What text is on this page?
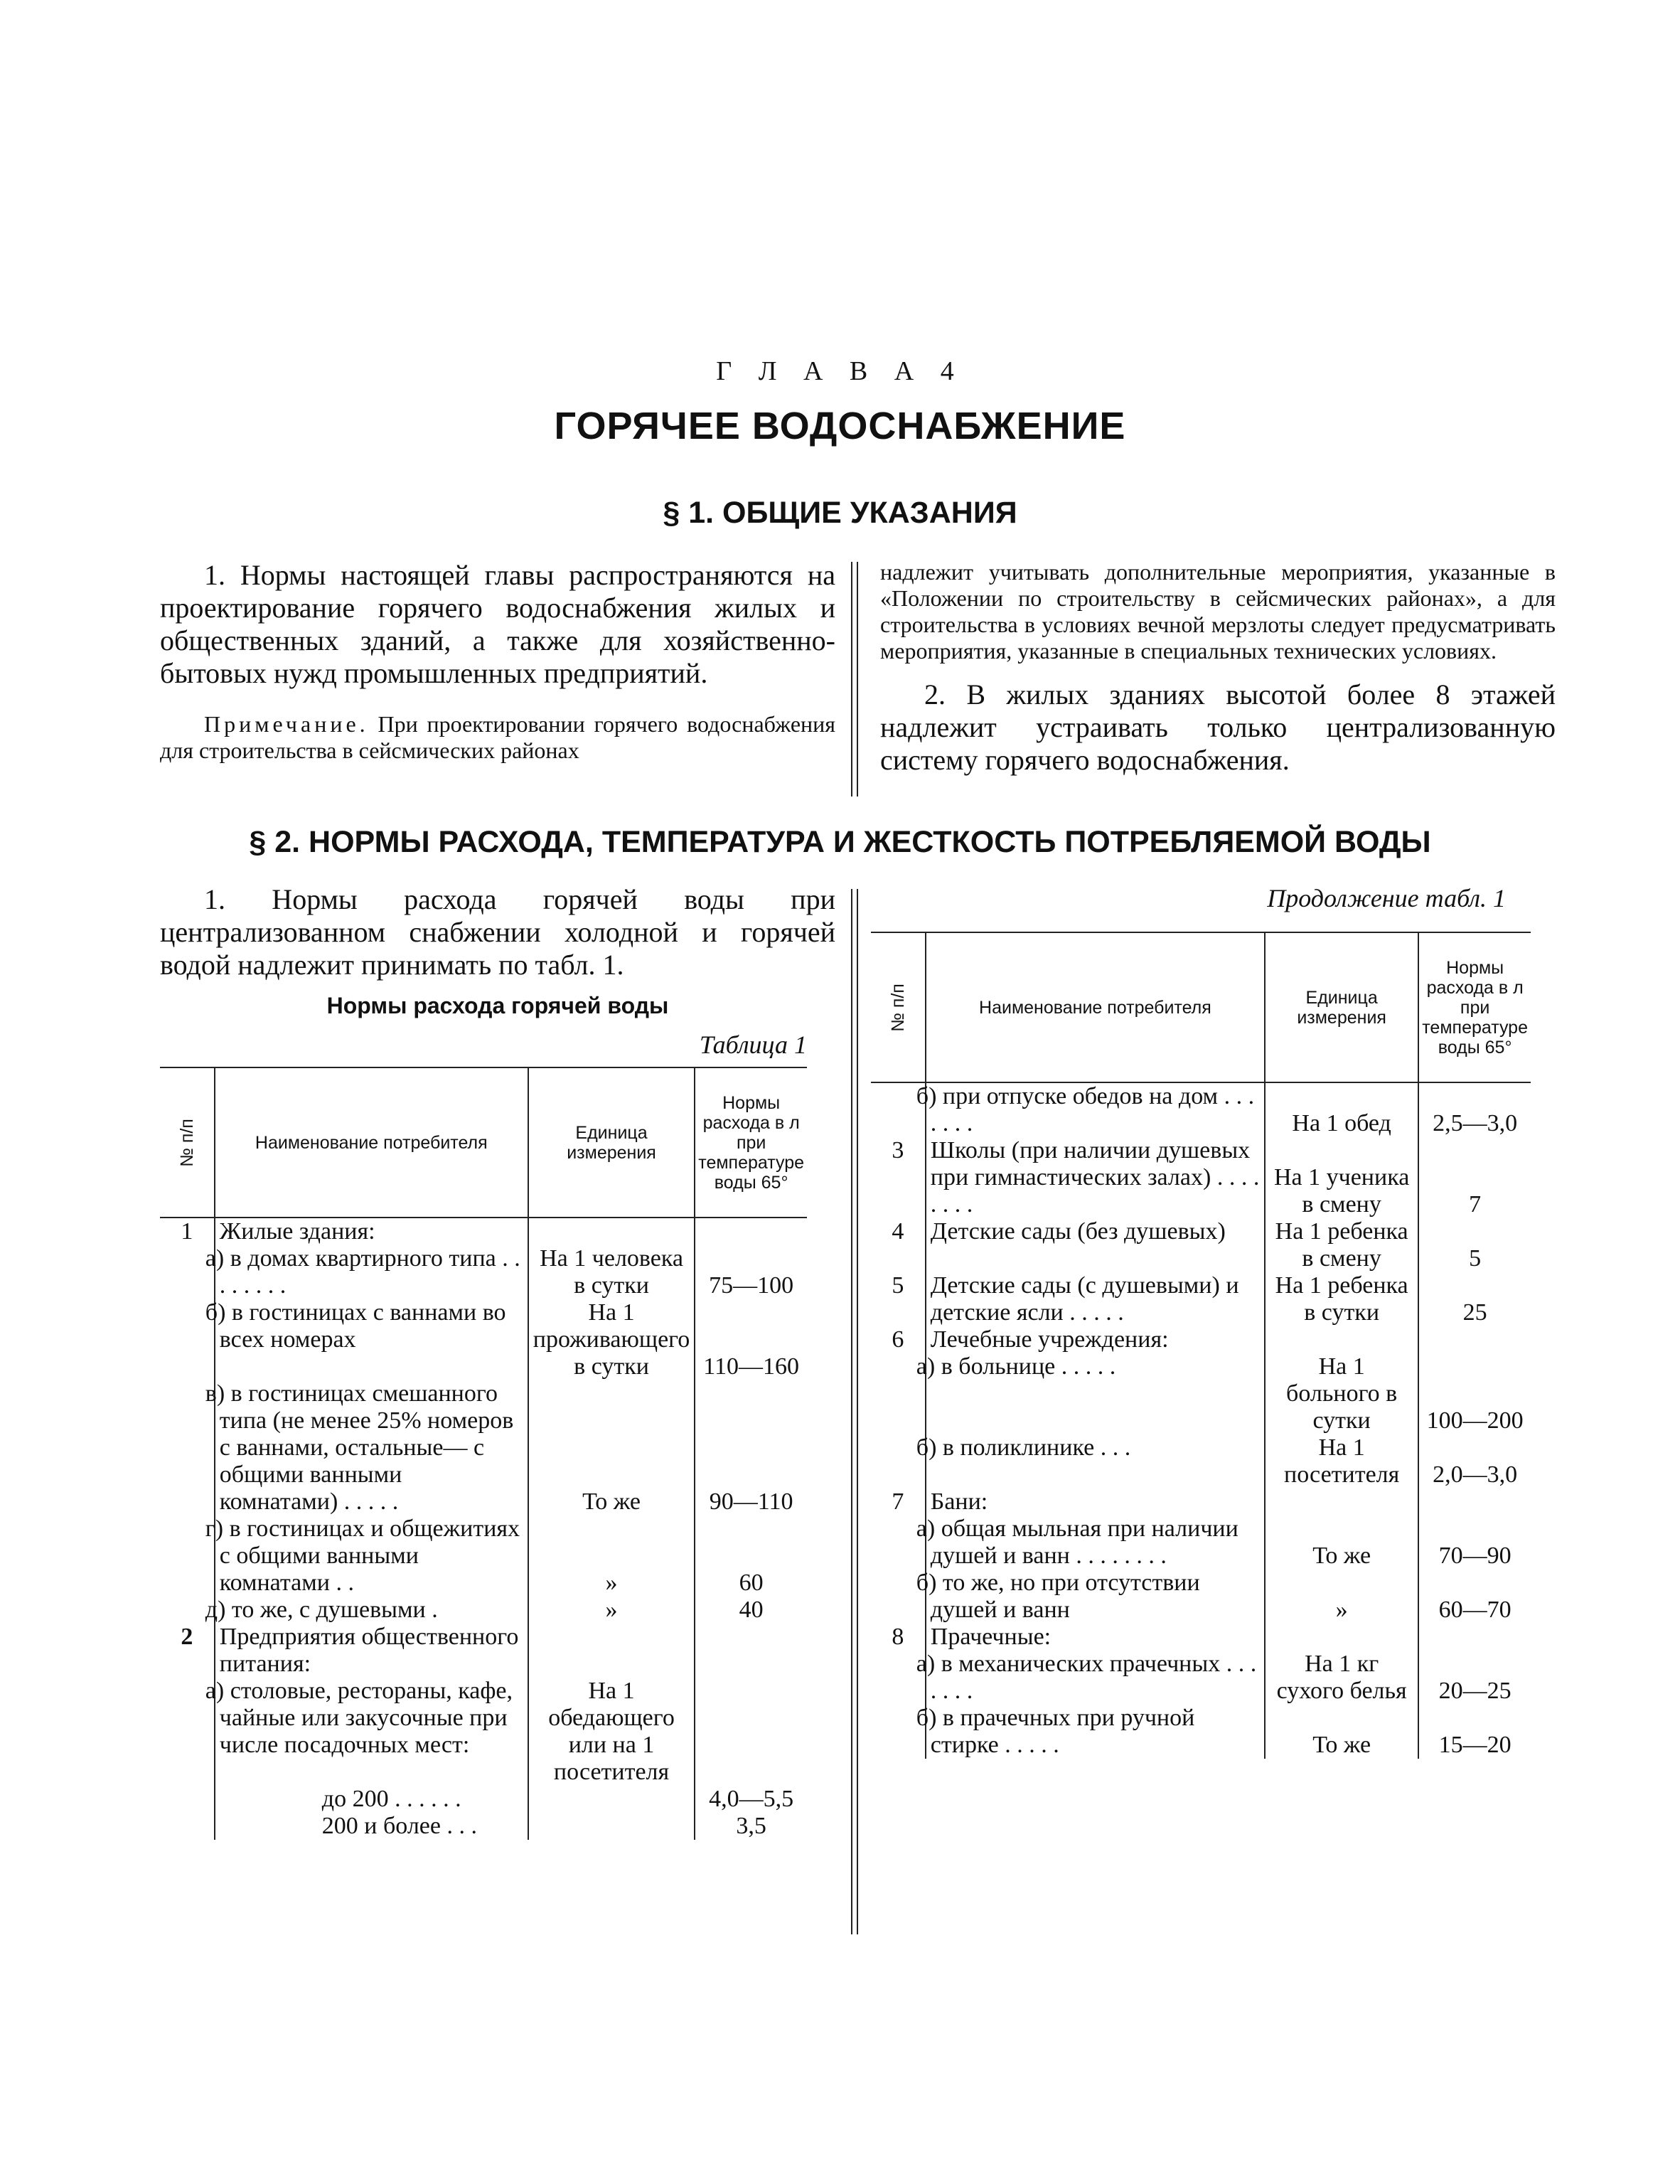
Г Л А В А 4
ГОРЯЧЕЕ ВОДОСНАБЖЕНИЕ
§ 1. ОБЩИЕ УКАЗАНИЯ

1. Нормы настоящей главы распространяются на проектирование горячего водоснабжения жилых и общественных зданий, а также для хозяйственно-бытовых нужд промышленных предприятий.

Примечание. При проектировании горячего водоснабжения для строительства в сейсмических районах

надлежит учитывать дополнительные мероприятия, указанные в «Положении по строительству в сейсмических районах», а для строительства в условиях вечной мерзлоты следует предусматривать мероприятия, указанные в специальных технических условиях.

2. В жилых зданиях высотой более 8 этажей надлежит устраивать только централизованную систему горячего водоснабжения.

§ 2. НОРМЫ РАСХОДА, ТЕМПЕРАТУРА И ЖЕСТКОСТЬ ПОТРЕБЛЯЕМОЙ ВОДЫ

1. Нормы расхода горячей воды при централизованном снабжении холодной и горячей водой надлежит принимать по табл. 1.

Нормы расхода горячей воды
Таблица 1
Продолжение табл. 1
№ п/п	Наименование потребителя	Единица измерения	Нормы расхода в л при температуре воды 65°
1	Жилые здания:		
	а) в домах квартирного типа . . . . . . . .	На 1 человека в сутки	75—100
	б) в гостиницах с ваннами во всех номерах	На 1 проживающего в сутки	110—160
	в) в гостиницах смешанного типа (не менее 25% номеров с ваннами, остальные— с общими ванными комнатами) . . . . .	То же	90—110
	г) в гостиницах и общежитиях с общими ванными комнатами . .	»	60
	д) то же, с душевыми .	»	40
2	Предприятия общественного питания:		
	а) столовые, рестораны, кафе, чайные или закусочные при числе посадочных мест:	На 1 обедающего или на 1 посетителя	
	до 200 . . . . . .		4,0—5,5
	200 и более . . .		3,5
№ п/п	Наименование потребителя	Единица измерения	Нормы расхода в л при температуре воды 65°
	б) при отпуске обедов на дом . . . . . . .	На 1 обед	2,5—3,0
3	Школы (при наличии душевых при гимнастических залах) . . . . . . . .	На 1 ученика в смену	7
4	Детские сады (без душевых)	На 1 ребенка в смену	5
5	Детские сады (с душевыми) и детские ясли . . . . .	На 1 ребенка в сутки	25
6	Лечебные учреждения:		
	а) в больнице . . . . .	На 1 больного в сутки	100—200
	б) в поликлинике . . .	На 1 посетителя	2,0—3,0
7	Бани:		
	а) общая мыльная при наличии душей и ванн . . . . . . . .	То же	70—90
	б) то же, но при отсутствии душей и ванн	»	60—70
8	Прачечные:		
	а) в механических прачечных . . . . . . .	На 1 кг сухого белья	20—25
	б) в прачечных при ручной стирке . . . . .	То же	15—20
